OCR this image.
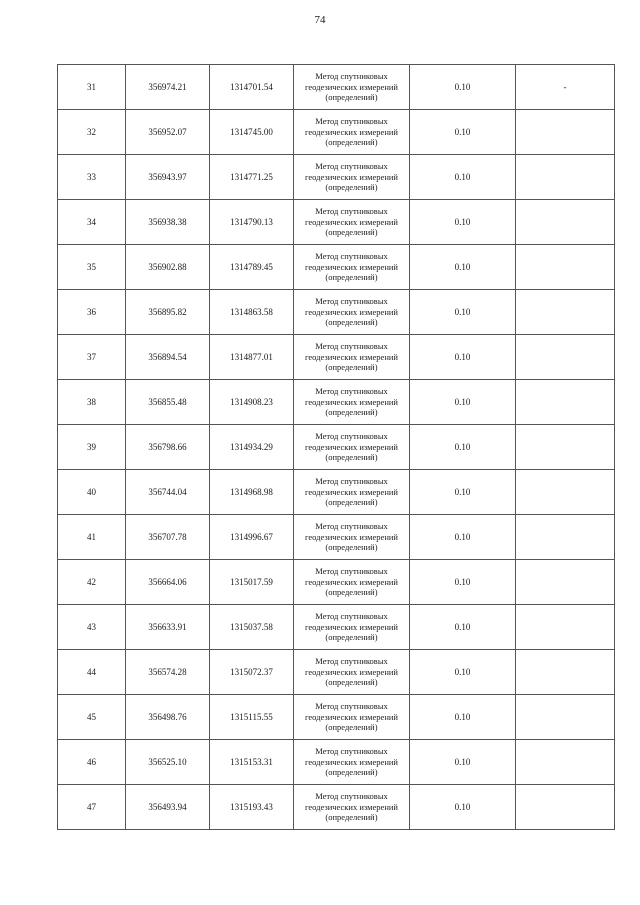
74
31	356974.21	1314701.54	Метод спутниковых геодезических измерений (определений)	0.10	-
32	356952.07	1314745.00	Метод спутниковых геодезических измерений (определений)	0.10	
33	356943.97	1314771.25	Метод спутниковых геодезических измерений (определений)	0.10	
34	356938.38	1314790.13	Метод спутниковых геодезических измерений (определений)	0.10	
35	356902.88	1314789.45	Метод спутниковых геодезических измерений (определений)	0.10	
36	356895.82	1314863.58	Метод спутниковых геодезических измерений (определений)	0.10	
37	356894.54	1314877.01	Метод спутниковых геодезических измерений (определений)	0.10	
38	356855.48	1314908.23	Метод спутниковых геодезических измерений (определений)	0.10	
39	356798.66	1314934.29	Метод спутниковых геодезических измерений (определений)	0.10	
40	356744.04	1314968.98	Метод спутниковых геодезических измерений (определений)	0.10	
41	356707.78	1314996.67	Метод спутниковых геодезических измерений (определений)	0.10	
42	356664.06	1315017.59	Метод спутниковых геодезических измерений (определений)	0.10	
43	356633.91	1315037.58	Метод спутниковых геодезических измерений (определений)	0.10	
44	356574.28	1315072.37	Метод спутниковых геодезических измерений (определений)	0.10	
45	356498.76	1315115.55	Метод спутниковых геодезических измерений (определений)	0.10	
46	356525.10	1315153.31	Метод спутниковых геодезических измерений (определений)	0.10	
47	356493.94	1315193.43	Метод спутниковых геодезических измерений (определений)	0.10	
